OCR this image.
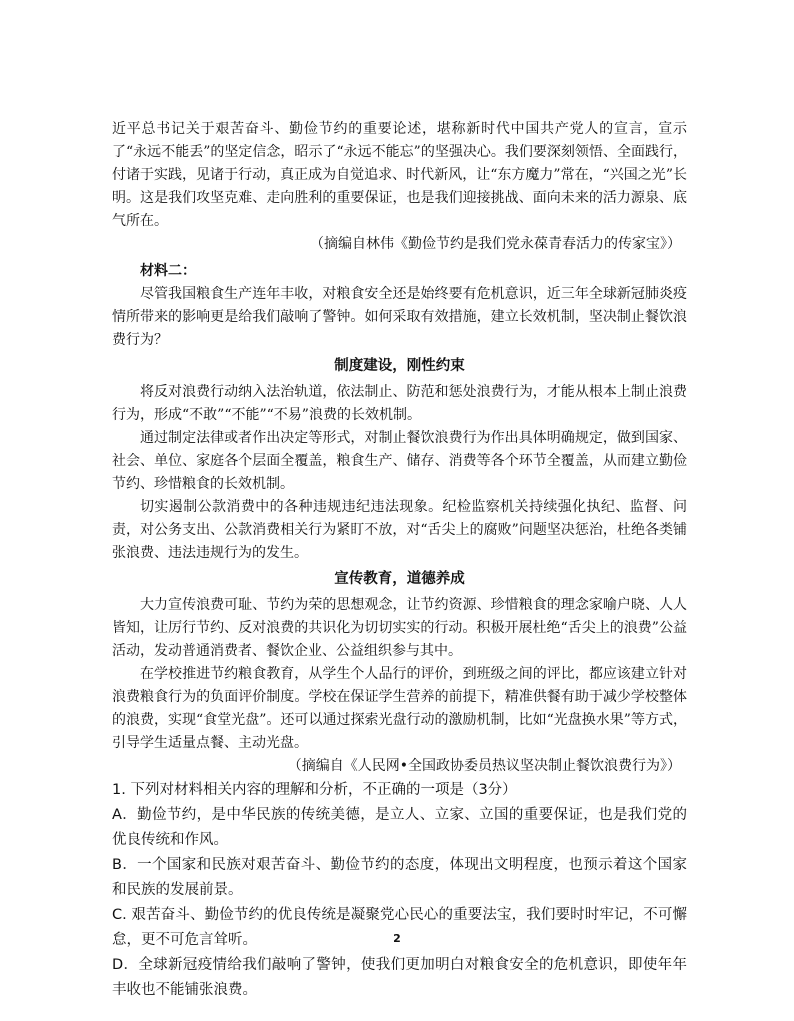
近平总书记关于艰苦奋斗、勤俭节约的重要论述，堪称新时代中国共产党人的宣言，宣示了“永远不能丢”的坚定信念，昭示了“永远不能忘”的坚强决心。我们要深刻领悟、全面践行，付诸于实践，见诸于行动，真正成为自觉追求、时代新风，让“东方魔力”常在，“兴国之光”长明。这是我们攻坚克难、走向胜利的重要保证，也是我们迎接挑战、面向未来的活力源泉、底气所在。

（摘编自林伟《勤俭节约是我们党永葆青春活力的传家宝》）

材料二：

尽管我国粮食生产连年丰收，对粮食安全还是始终要有危机意识，近三年全球新冠肺炎疫情所带来的影响更是给我们敲响了警钟。如何采取有效措施，建立长效机制，坚决制止餐饮浪费行为？

制度建设，刚性约束

将反对浪费行动纳入法治轨道，依法制止、防范和惩处浪费行为，才能从根本上制止浪费行为，形成“不敢”“不能”“不易”浪费的长效机制。

通过制定法律或者作出决定等形式，对制止餐饮浪费行为作出具体明确规定，做到国家、社会、单位、家庭各个层面全覆盖，粮食生产、储存、消费等各个环节全覆盖，从而建立勤俭节约、珍惜粮食的长效机制。

切实遏制公款消费中的各种违规违纪违法现象。纪检监察机关持续强化执纪、监督、问责，对公务支出、公款消费相关行为紧盯不放，对“舌尖上的腐败”问题坚决惩治，杜绝各类铺张浪费、违法违规行为的发生。

宣传教育，道德养成

大力宣传浪费可耻、节约为荣的思想观念，让节约资源、珍惜粮食的理念家喻户晓、人人皆知，让厉行节约、反对浪费的共识化为切切实实的行动。积极开展杜绝“舌尖上的浪费”公益活动，发动普通消费者、餐饮企业、公益组织参与其中。

在学校推进节约粮食教育，从学生个人品行的评价，到班级之间的评比，都应该建立针对浪费粮食行为的负面评价制度。学校在保证学生营养的前提下，精准供餐有助于减少学校整体的浪费，实现“食堂光盘”。还可以通过探索光盘行动的激励机制，比如“光盘换水果”等方式，引导学生适量点餐、主动光盘。

（摘编自《人民网•全国政协委员热议坚决制止餐饮浪费行为》）

1. 下列对材料相关内容的理解和分析，不正确的一项是（3分）

A．勤俭节约，是中华民族的传统美德，是立人、立家、立国的重要保证，也是我们党的优良传统和作风。

B．一个国家和民族对艰苦奋斗、勤俭节约的态度，体现出文明程度，也预示着这个国家和民族的发展前景。

C. 艰苦奋斗、勤俭节约的优良传统是凝聚党心民心的重要法宝，我们要时时牢记，不可懈怠，更不可危言耸听。

D．全球新冠疫情给我们敲响了警钟，使我们更加明白对粮食安全的危机意识，即使年年丰收也不能铺张浪费。

2
